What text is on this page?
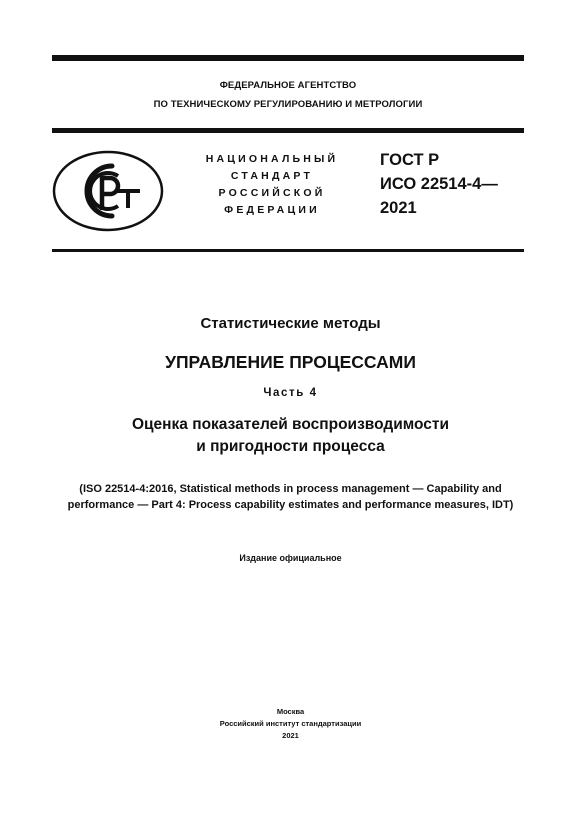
ФЕДЕРАЛЬНОЕ АГЕНТСТВО
ПО ТЕХНИЧЕСКОМУ РЕГУЛИРОВАНИЮ И МЕТРОЛОГИИ
НАЦИОНАЛЬНЫЙ
СТАНДАРТ
РОССИЙСКОЙ
ФЕДЕРАЦИИ
ГОСТ Р
ИСО 22514-4—
2021
Статистические методы
УПРАВЛЕНИЕ ПРОЦЕССАМИ
Часть 4
Оценка показателей воспроизводимости
и пригодности процесса
(ISO 22514-4:2016, Statistical methods in process management — Capability and
performance — Part 4: Process capability estimates and performance measures, IDT)
Издание официальное
Москва
Российский институт стандартизации
2021
